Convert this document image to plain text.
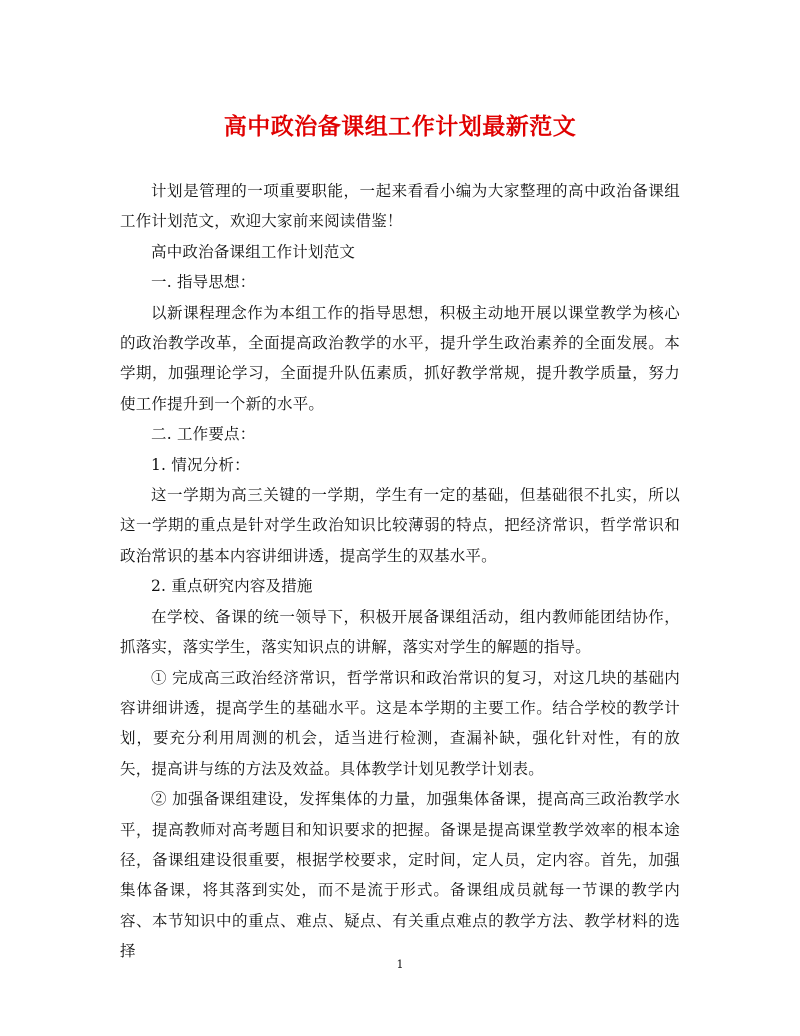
高中政治备课组工作计划最新范文

计划是管理的一项重要职能，一起来看看小编为大家整理的高中政治备课组工作计划范文，欢迎大家前来阅读借鉴！

高中政治备课组工作计划范文

一. 指导思想：

以新课程理念作为本组工作的指导思想，积极主动地开展以课堂教学为核心的政治教学改革，全面提高政治教学的水平，提升学生政治素养的全面发展。本学期，加强理论学习，全面提升队伍素质，抓好教学常规，提升教学质量，努力使工作提升到一个新的水平。

二. 工作要点：

1. 情况分析：

这一学期为高三关键的一学期，学生有一定的基础，但基础很不扎实，所以这一学期的重点是针对学生政治知识比较薄弱的特点，把经济常识，哲学常识和政治常识的基本内容讲细讲透，提高学生的双基水平。

2. 重点研究内容及措施

在学校、备课的统一领导下，积极开展备课组活动，组内教师能团结协作，抓落实，落实学生，落实知识点的讲解，落实对学生的解题的指导。

① 完成高三政治经济常识，哲学常识和政治常识的复习，对这几块的基础内容讲细讲透，提高学生的基础水平。这是本学期的主要工作。结合学校的教学计划，要充分利用周测的机会，适当进行检测，查漏补缺，强化针对性，有的放矢，提高讲与练的方法及效益。具体教学计划见教学计划表。

② 加强备课组建设，发挥集体的力量，加强集体备课，提高高三政治教学水平，提高教师对高考题目和知识要求的把握。备课是提高课堂教学效率的根本途径，备课组建设很重要，根据学校要求，定时间，定人员，定内容。首先，加强集体备课，将其落到实处，而不是流于形式。备课组成员就每一节课的教学内容、本节知识中的重点、难点、疑点、有关重点难点的教学方法、教学材料的选择

1
